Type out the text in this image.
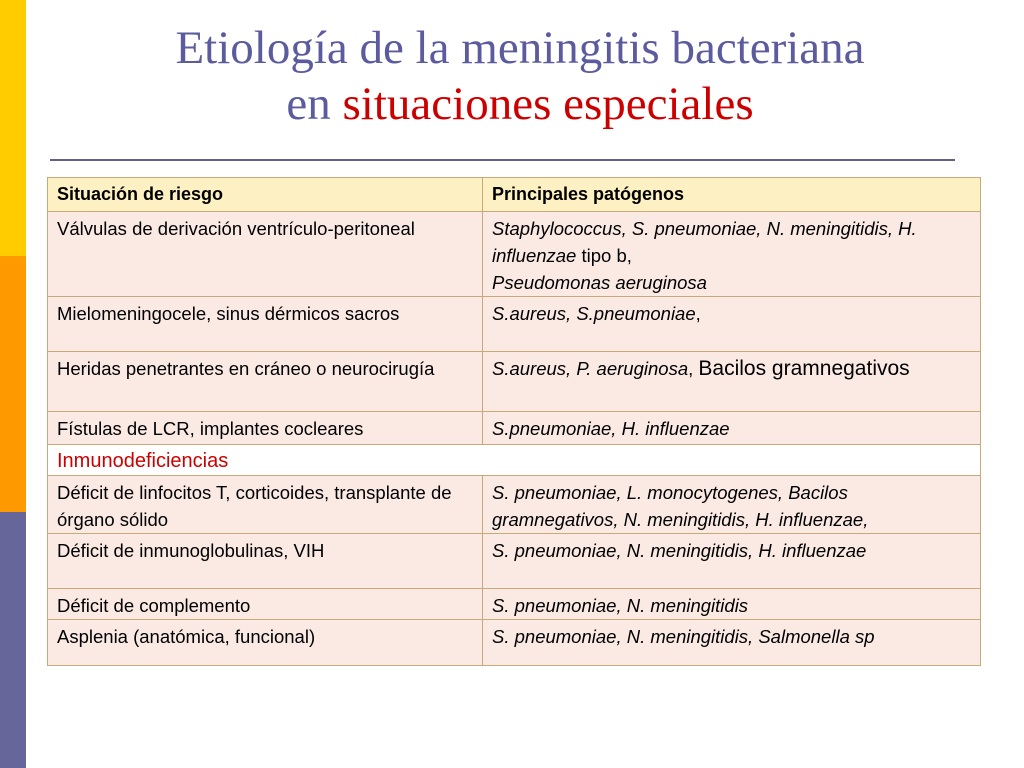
Etiología de la meningitis bacteriana
en situaciones especiales
Situación de riesgo	Principales patógenos
Válvulas de derivación ventrículo-peritoneal	Staphylococcus, S. pneumoniae, N. meningitidis, H. influenzae tipo b,
Pseudomonas aeruginosa
Mielomeningocele, sinus dérmicos sacros	S.aureus, S.pneumoniae,
Heridas penetrantes en cráneo o neurocirugía	S.aureus, P. aeruginosa, Bacilos gramnegativos
Fístulas de LCR, implantes cocleares	S.pneumoniae, H. influenzae
Inmunodeficiencias	
Déficit de linfocitos T, corticoides, transplante de órgano sólido	S. pneumoniae, L. monocytogenes, Bacilos gramnegativos, N. meningitidis, H. influenzae,
Déficit de inmunoglobulinas, VIH	S. pneumoniae, N. meningitidis, H. influenzae
Déficit de complemento	S. pneumoniae, N. meningitidis
Asplenia (anatómica, funcional)	S. pneumoniae, N. meningitidis, Salmonella sp
